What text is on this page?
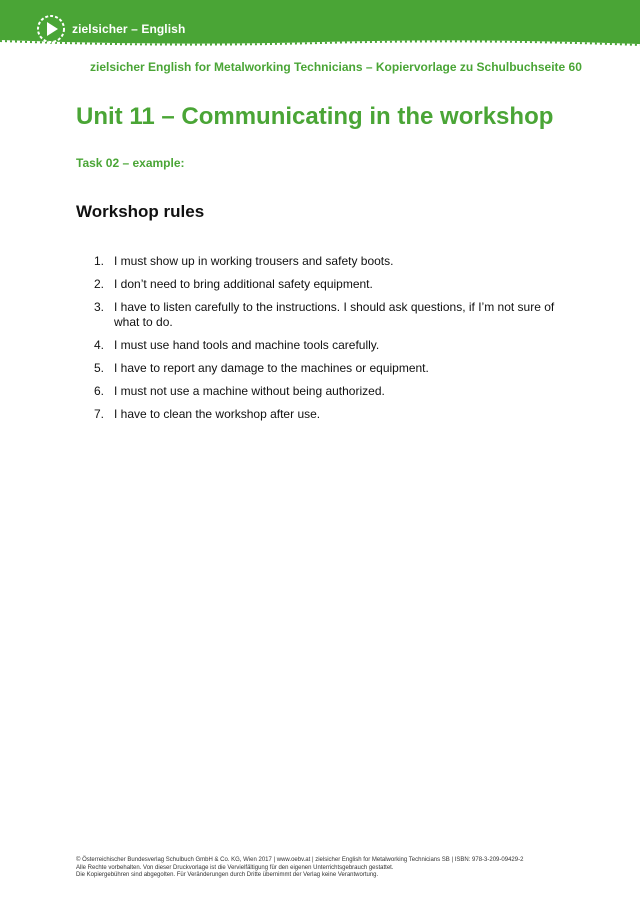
zielsicher – English
zielsicher English for Metalworking Technicians – Kopiervorlage zu Schulbuchseite 60
Unit 11 – Communicating in the workshop
Task 02 – example:
Workshop rules
1. I must show up in working trousers and safety boots.
2. I don’t need to bring additional safety equipment.
3. I have to listen carefully to the instructions. I should ask questions, if I’m not sure of what to do.
4. I must use hand tools and machine tools carefully.
5. I have to report any damage to the machines or equipment.
6. I must not use a machine without being authorized.
7. I have to clean the workshop after use.
© Österreichischer Bundesverlag Schulbuch GmbH & Co. KG, Wien 2017 | www.oebv.at | zielsicher English for Metalworking Technicians SB | ISBN: 978-3-209-09429-2
Alle Rechte vorbehalten. Von dieser Druckvorlage ist die Vervielfältigung für den eigenen Unterrichtsgebrauch gestattet.
Die Kopiergebühren sind abgegolten. Für Veränderungen durch Dritte übernimmt der Verlag keine Verantwortung.
